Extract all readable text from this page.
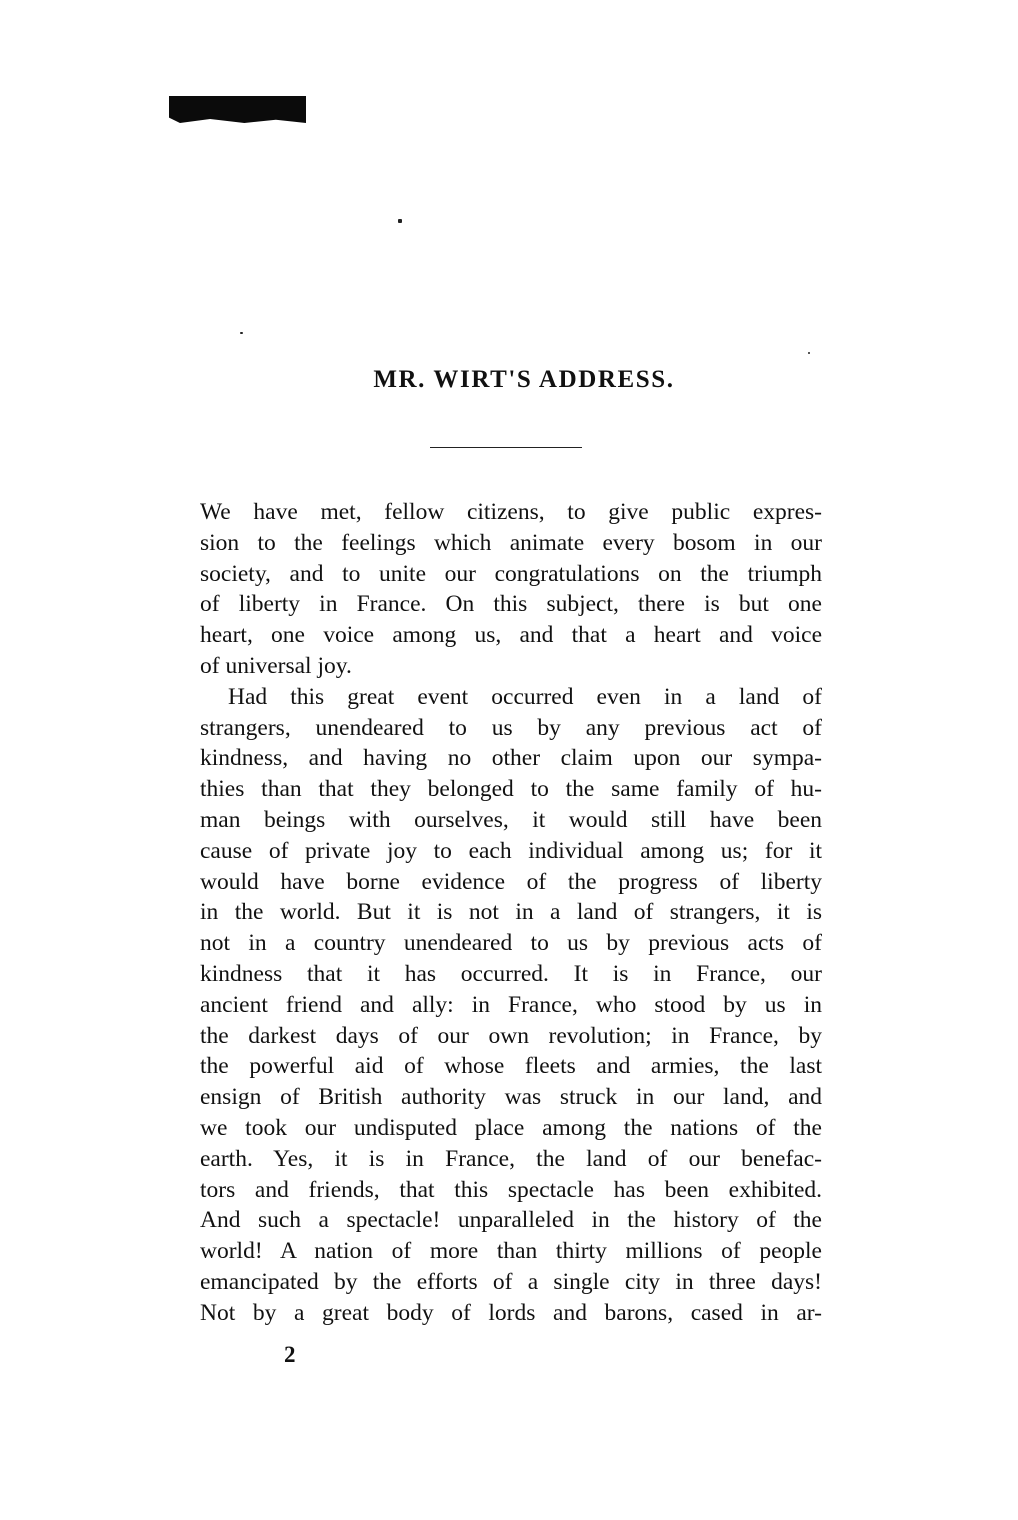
MR. WIRT'S ADDRESS.
We have met, fellow citizens, to give public expres-
sion to the feelings which animate every bosom in our
society, and to unite our congratulations on the triumph
of liberty in France. On this subject, there is but one
heart, one voice among us, and that a heart and voice
of universal joy.
Had this great event occurred even in a land of
strangers, unendeared to us by any previous act of
kindness, and having no other claim upon our sympa-
thies than that they belonged to the same family of hu-
man beings with ourselves, it would still have been
cause of private joy to each individual among us; for it
would have borne evidence of the progress of liberty
in the world. But it is not in a land of strangers, it is
not in a country unendeared to us by previous acts of
kindness that it has occurred. It is in France, our
ancient friend and ally: in France, who stood by us in
the darkest days of our own revolution; in France, by
the powerful aid of whose fleets and armies, the last
ensign of British authority was struck in our land, and
we took our undisputed place among the nations of the
earth. Yes, it is in France, the land of our benefac-
tors and friends, that this spectacle has been exhibited.
And such a spectacle! unparalleled in the history of the
world! A nation of more than thirty millions of people
emancipated by the efforts of a single city in three days!
Not by a great body of lords and barons, cased in ar-
2
